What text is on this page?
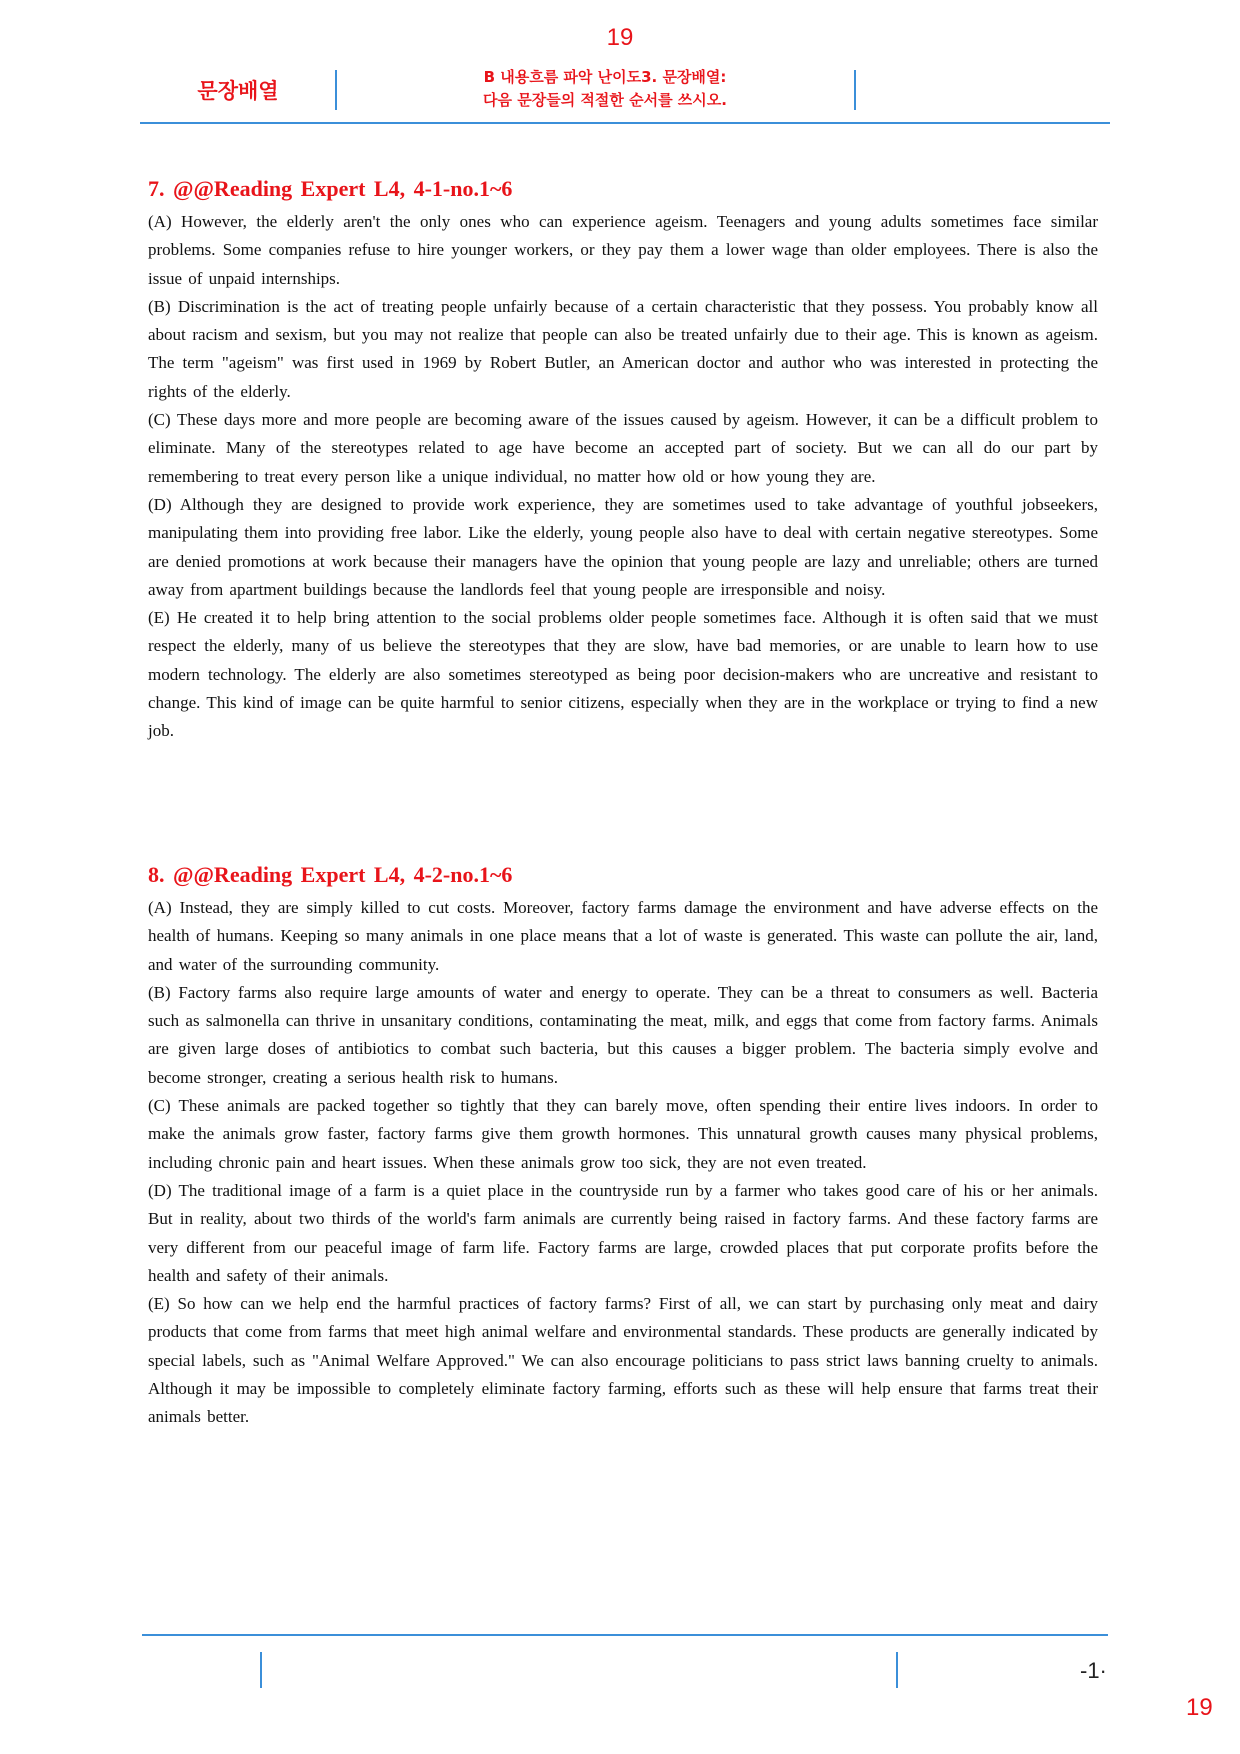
19
문장배열
B 내용흐름 파악 난이도3. 문장배열:
다음 문장들의 적절한 순서를 쓰시오.
7. @@Reading Expert L4, 4-1-no.1~6

(A) However, the elderly aren't the only ones who can experience ageism. Teenagers and young adults sometimes face similar problems. Some companies refuse to hire younger workers, or they pay them a lower wage than older employees. There is also the issue of unpaid internships.

(B) Discrimination is the act of treating people unfairly because of a certain characteristic that they possess. You probably know all about racism and sexism, but you may not realize that people can also be treated unfairly due to their age. This is known as ageism. The term "ageism" was first used in 1969 by Robert Butler, an American doctor and author who was interested in protecting the rights of the elderly.

(C) These days more and more people are becoming aware of the issues caused by ageism. However, it can be a difficult problem to eliminate. Many of the stereotypes related to age have become an accepted part of society. But we can all do our part by remembering to treat every person like a unique individual, no matter how old or how young they are.

(D) Although they are designed to provide work experience, they are sometimes used to take advantage of youthful jobseekers, manipulating them into providing free labor. Like the elderly, young people also have to deal with certain negative stereotypes. Some are denied promotions at work because their managers have the opinion that young people are lazy and unreliable; others are turned away from apartment buildings because the landlords feel that young people are irresponsible and noisy.

(E) He created it to help bring attention to the social problems older people sometimes face. Although it is often said that we must respect the elderly, many of us believe the stereotypes that they are slow, have bad memories, or are unable to learn how to use modern technology. The elderly are also sometimes stereotyped as being poor decision-makers who are uncreative and resistant to change. This kind of image can be quite harmful to senior citizens, especially when they are in the workplace or trying to find a new job.

8. @@Reading Expert L4, 4-2-no.1~6

(A) Instead, they are simply killed to cut costs. Moreover, factory farms damage the environment and have adverse effects on the health of humans. Keeping so many animals in one place means that a lot of waste is generated. This waste can pollute the air, land, and water of the surrounding community.

(B) Factory farms also require large amounts of water and energy to operate. They can be a threat to consumers as well. Bacteria such as salmonella can thrive in unsanitary conditions, contaminating the meat, milk, and eggs that come from factory farms. Animals are given large doses of antibiotics to combat such bacteria, but this causes a bigger problem. The bacteria simply evolve and become stronger, creating a serious health risk to humans.

(C) These animals are packed together so tightly that they can barely move, often spending their entire lives indoors. In order to make the animals grow faster, factory farms give them growth hormones. This unnatural growth causes many physical problems, including chronic pain and heart issues. When these animals grow too sick, they are not even treated.

(D) The traditional image of a farm is a quiet place in the countryside run by a farmer who takes good care of his or her animals. But in reality, about two thirds of the world's farm animals are currently being raised in factory farms. And these factory farms are very different from our peaceful image of farm life. Factory farms are large, crowded places that put corporate profits before the health and safety of their animals.

(E) So how can we help end the harmful practices of factory farms? First of all, we can start by purchasing only meat and dairy products that come from farms that meet high animal welfare and environmental standards. These products are generally indicated by special labels, such as "Animal Welfare Approved." We can also encourage politicians to pass strict laws banning cruelty to animals. Although it may be impossible to completely eliminate factory farming, efforts such as these will help ensure that farms treat their animals better.

-1·
19
